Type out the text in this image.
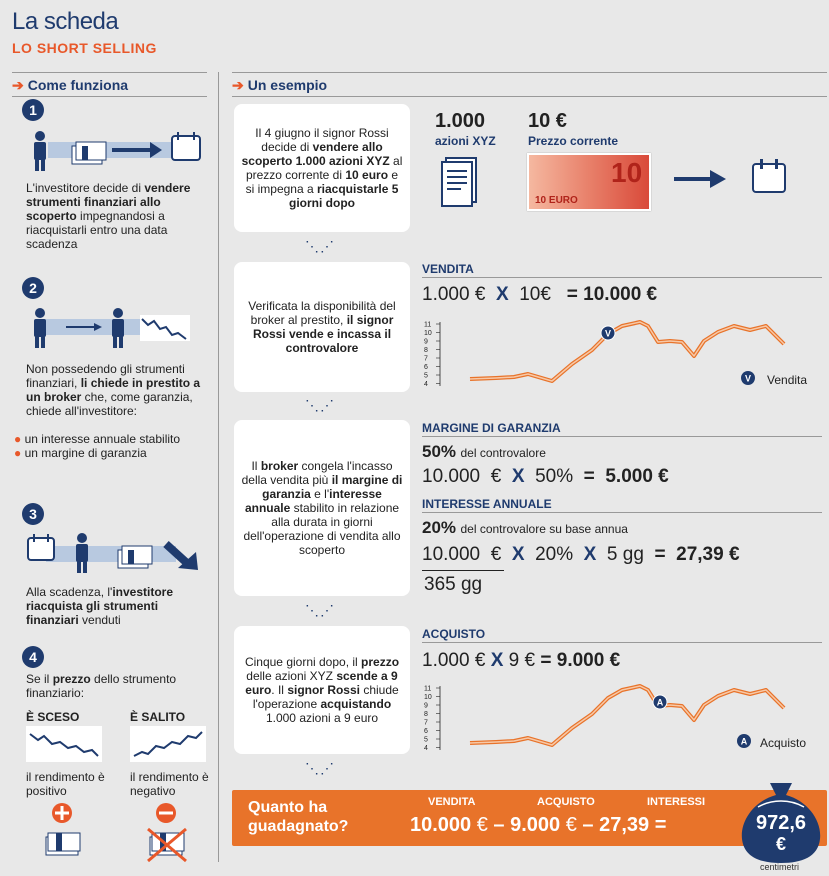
La scheda
LO SHORT SELLING
➔ Come funziona	➔ Un esempio
1
L'investitore decide di vendere strumenti finanziari allo scoperto impegnandosi a riacquistarli entro una data scadenza
2
Non possedendo gli strumenti finanziari, li chiede in prestito a un broker che, come garanzia, chiede all'investitore:
● un interesse annuale stabilito
● un margine di garanzia
3
Alla scadenza, l'investitore riacquista gli strumenti finanziari venduti
4
Se il prezzo dello strumento finanziario:
È SCESO	È SALITO
il rendimento è positivo
il rendimento è negativo
Il 4 giugno il signor Rossi decide di vendere allo scoperto 1.000 azioni XYZ al prezzo corrente di 10 euro e si impegna a riacquistarle 5 giorni dopo
⋱⋰
Verificata la disponibilità del broker al prestito, il signor Rossi vende e incassa il controvalore
⋱⋰
Il broker congela l'incasso della vendita più il margine di garanzia e l'interesse annuale stabilito in relazione alla durata in giorni dell'operazione di vendita allo scoperto
⋱⋰
Cinque giorni dopo, il prezzo delle azioni XYZ scende a 9 euro. Il signor Rossi chiude l'operazione acquistando 1.000 azioni a 9 euro
⋱⋰
1.000
azioni XYZ
10 €
Prezzo corrente
10
10 EURO
VENDITA
1.000 € X 10€ = 10.000 €
11
10
9
8
7
6
5
4
V
V Vendita
MARGINE DI GARANZIA
50% del controvalore
10.000 € X 50% = 5.000 €
INTERESSE ANNUALE
20% del controvalore su base annua
10.000 € X 20% X 5 gg = 27,39 €
365 gg
ACQUISTO
1.000 € X 9 € = 9.000 €
11
10
9
8
7
6
5
4
A
A Acquisto
Quanto ha guadagnato?
VENDITA	ACQUISTO	INTERESSI
10.000 € – 9.000 € – 27,39 =	972,6
€
centimetri
